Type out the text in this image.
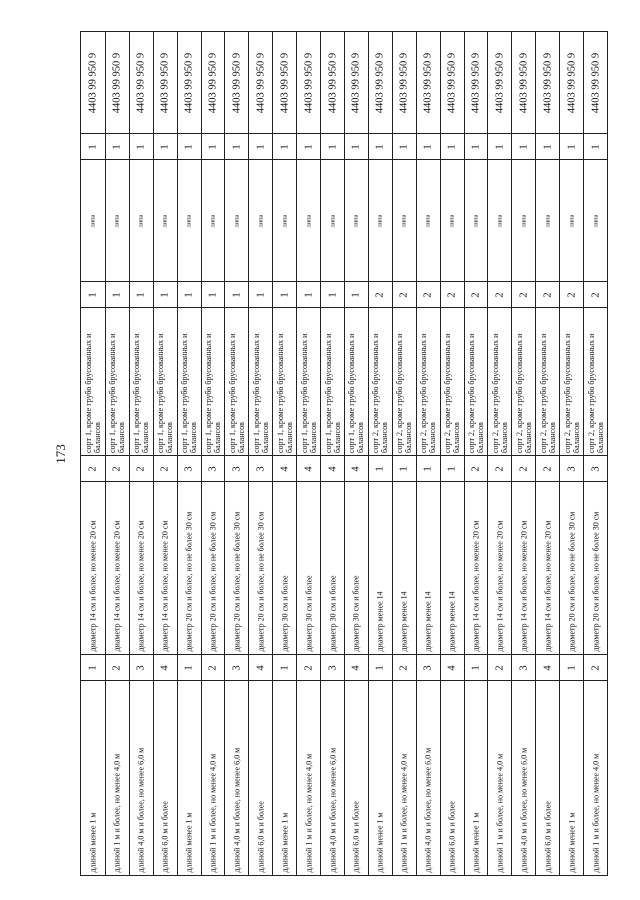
173
4403 99 950 9
1
липа
1
сорт 1, кроме грубо брусованных и балансов
2
диаметр 14 см и более, но менее 20 см
1
длиной менее 1 м
4403 99 950 9
1
липа
1
сорт 1, кроме грубо брусованных и балансов
2
диаметр 14 см и более, но менее 20 см
2
длиной 1 м и более, но менее 4,0 м
4403 99 950 9
1
липа
1
сорт 1, кроме грубо брусованных и балансов
2
диаметр 14 см и более, но менее 20 см
3
длиной 4,0 м и более, но менее 6,0 м
4403 99 950 9
1
липа
1
сорт 1, кроме грубо брусованных и балансов
2
диаметр 14 см и более, но менее 20 см
4
длиной 6,0 м и более
4403 99 950 9
1
липа
1
сорт 1, кроме грубо брусованных и балансов
3
диаметр 20 см и более, но не более 30 см
1
длиной менее 1 м
4403 99 950 9
1
липа
1
сорт 1, кроме грубо брусованных и балансов
3
диаметр 20 см и более, но не более 30 см
2
длиной 1 м и более, но менее 4,0 м
4403 99 950 9
1
липа
1
сорт 1, кроме грубо брусованных и балансов
3
диаметр 20 см и более, но не более 30 см
3
длиной 4,0 м и более, но менее 6,0 м
4403 99 950 9
1
липа
1
сорт 1, кроме грубо брусованных и балансов
3
диаметр 20 см и более, но не более 30 см
4
длиной 6,0 м и более
4403 99 950 9
1
липа
1
сорт 1, кроме грубо брусованных и балансов
4
диаметр 30 см и более
1
длиной менее 1 м
4403 99 950 9
1
липа
1
сорт 1, кроме грубо брусованных и балансов
4
диаметр 30 см и более
2
длиной 1 м и более, но менее 4,0 м
4403 99 950 9
1
липа
1
сорт 1, кроме грубо брусованных и балансов
4
диаметр 30 см и более
3
длиной 4,0 м и более, но менее 6,0 м
4403 99 950 9
1
липа
1
сорт 1, кроме грубо брусованных и балансов
4
диаметр 30 см и более
4
длиной 6,0 м и более
4403 99 950 9
1
липа
2
сорт 2, кроме грубо брусованных и балансов
1
диаметр менее 14
1
длиной менее 1 м
4403 99 950 9
1
липа
2
сорт 2, кроме грубо брусованных и балансов
1
диаметр менее 14
2
длиной 1 м и более, но менее 4,0 м
4403 99 950 9
1
липа
2
сорт 2, кроме грубо брусованных и балансов
1
диаметр менее 14
3
длиной 4,0 м и более, но менее 6,0 м
4403 99 950 9
1
липа
2
сорт 2, кроме грубо брусованных и балансов
1
диаметр менее 14
4
длиной 6,0 м и более
4403 99 950 9
1
липа
2
сорт 2, кроме грубо брусованных и балансов
2
диаметр 14 см и более, но менее 20 см
1
длиной менее 1 м
4403 99 950 9
1
липа
2
сорт 2, кроме грубо брусованных и балансов
2
диаметр 14 см и более, но менее 20 см
2
длиной 1 м и более, но менее 4,0 м
4403 99 950 9
1
липа
2
сорт 2, кроме грубо брусованных и балансов
2
диаметр 14 см и более, но менее 20 см
3
длиной 4,0 м и более, но менее 6,0 м
4403 99 950 9
1
липа
2
сорт 2, кроме грубо брусованных и балансов
2
диаметр 14 см и более, но менее 20 см
4
длиной 6,0 м и более
4403 99 950 9
1
липа
2
сорт 2, кроме грубо брусованных и балансов
3
диаметр 20 см и более, но не более 30 см
1
длиной менее 1 м
4403 99 950 9
1
липа
2
сорт 2, кроме грубо брусованных и балансов
3
диаметр 20 см и более, но не более 30 см
2
длиной 1 м и более, но менее 4,0 м
